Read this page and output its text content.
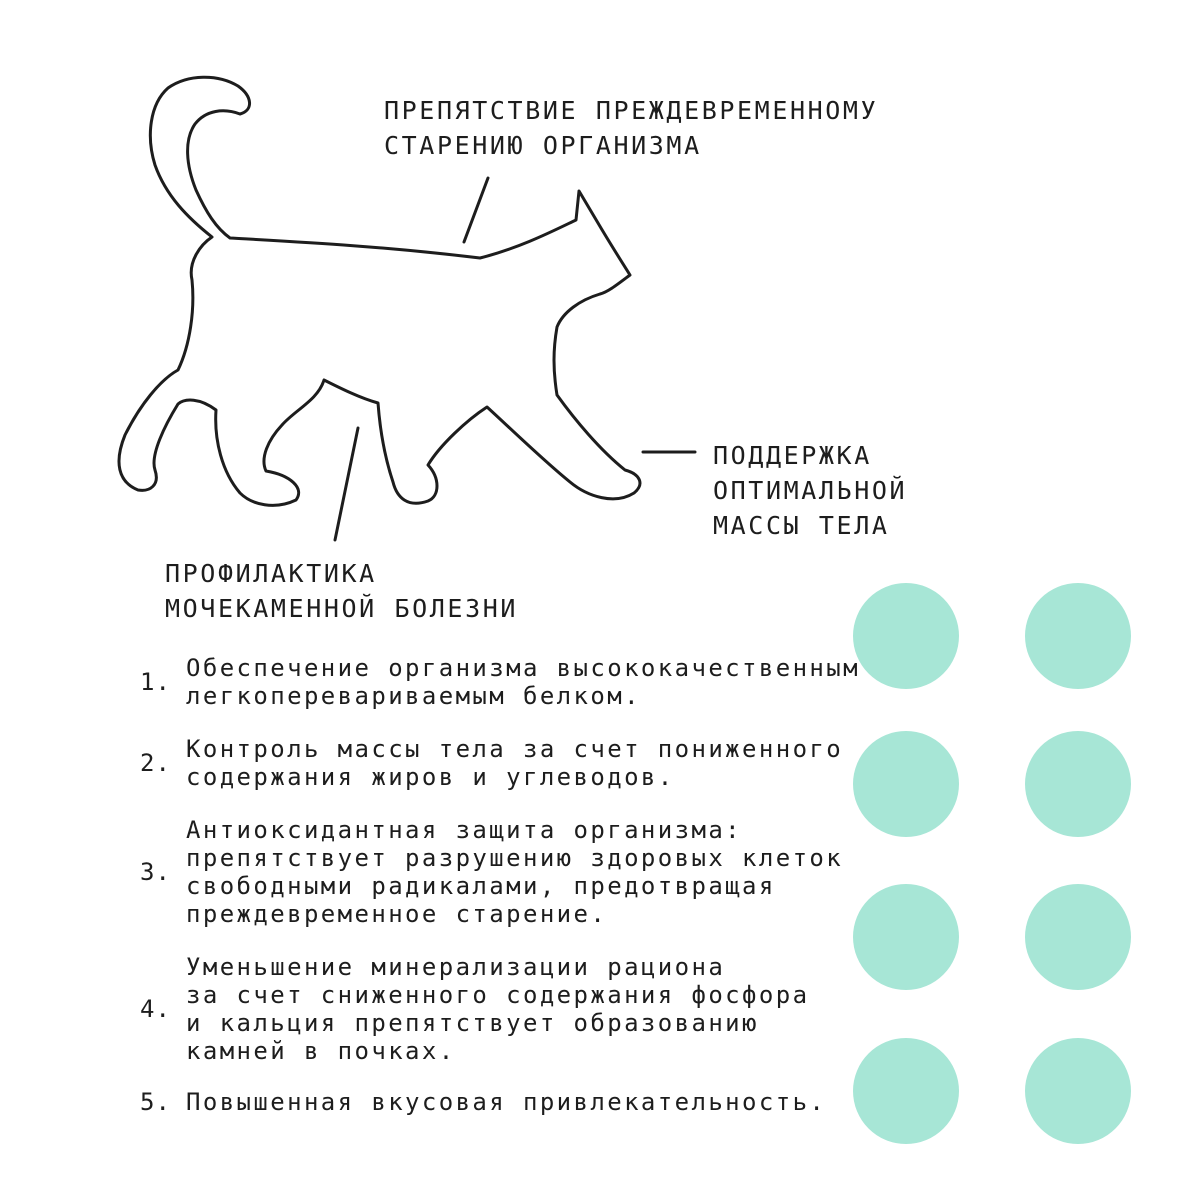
ПРЕПЯТСТВИЕ ПРЕЖДЕВРЕМЕННОМУ
СТАРЕНИЮ ОРГАНИЗМА
ПОДДЕРЖКА
ОПТИМАЛЬНОЙ
МАССЫ ТЕЛА
ПРОФИЛАКТИКА
МОЧЕКАМЕННОЙ БОЛЕЗНИ
1. Обеспечение организма высококачественным
легкоперевариваемым белком.
2. Контроль массы тела за счет пониженного
содержания жиров и углеводов.
3.
Антиоксидантная защита организма:
препятствует разрушению здоровых клеток
свободными радикалами, предотвращая
преждевременное старение.
4.
Уменьшение минерализации рациона
за счет сниженного содержания фосфора
и кальция препятствует образованию
камней в почках.
5. Повышенная вкусовая привлекательность.
